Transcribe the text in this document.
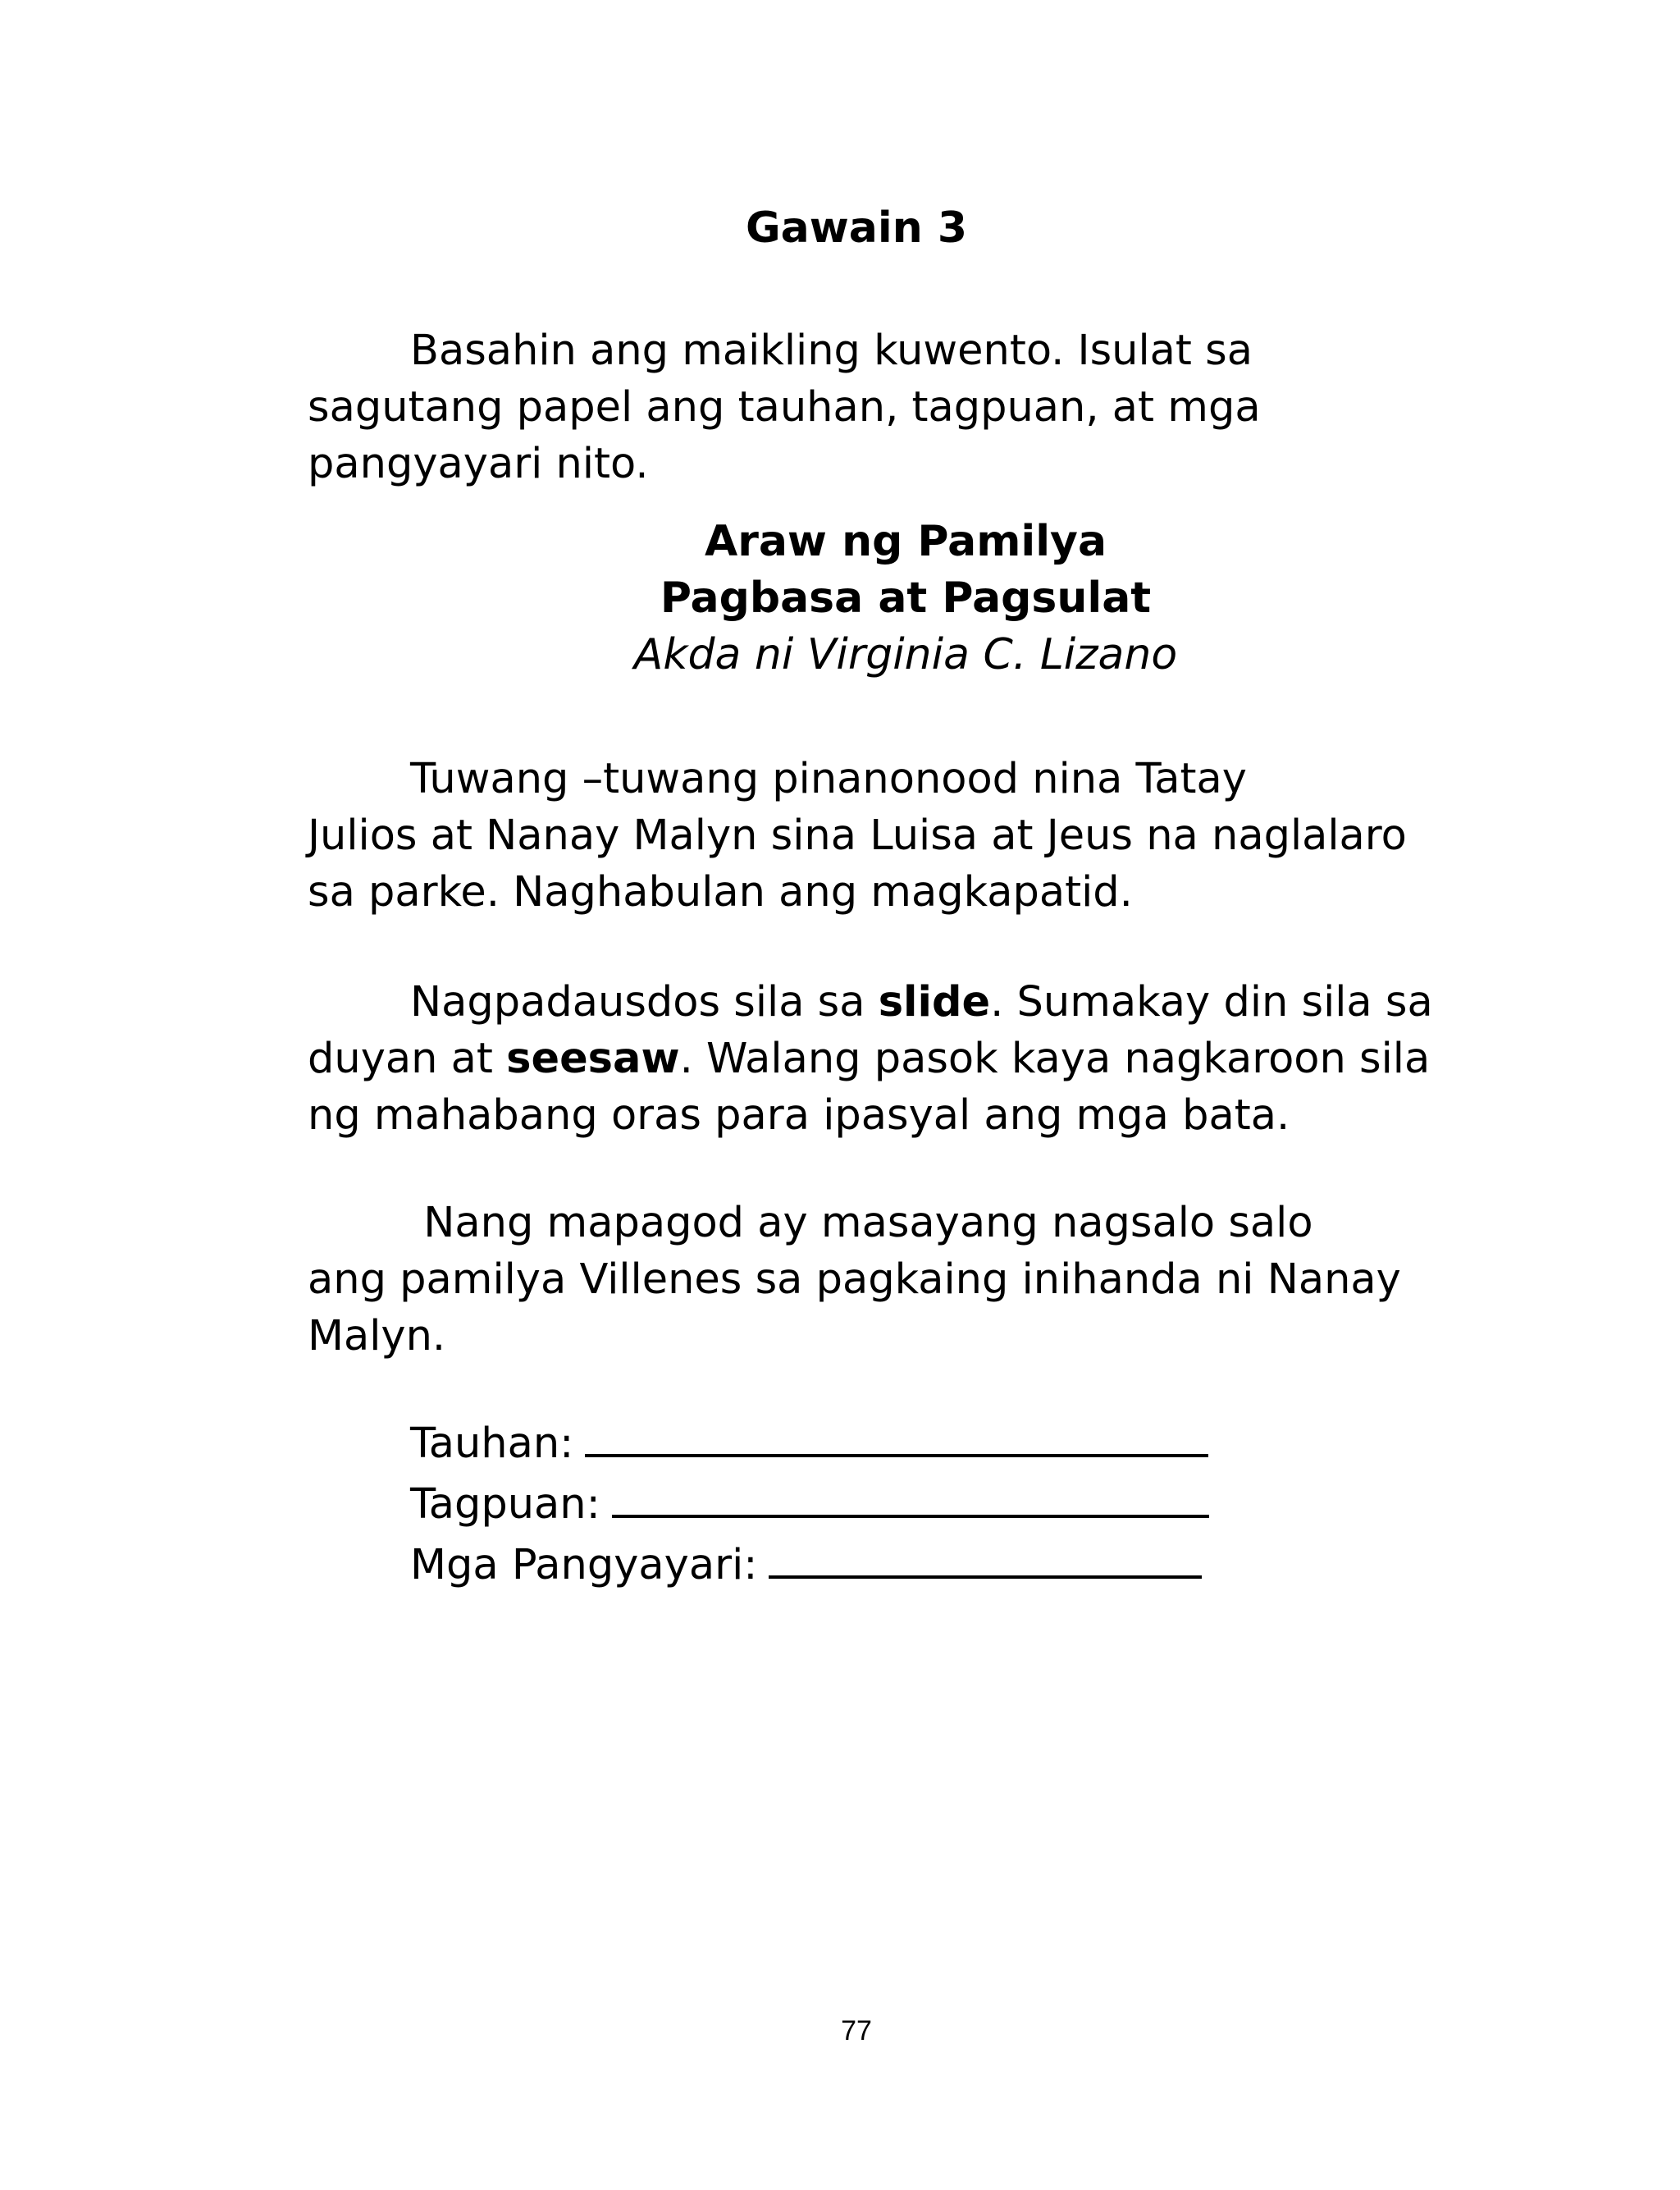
Gawain 3

Basahin ang maikling kuwento. Isulat sa
sagutang papel ang tauhan, tagpuan, at mga
pangyayari nito.

Araw ng Pamilya
Pagbasa at Pagsulat
Akda ni Virginia C. Lizano

Tuwang –tuwang pinanonood nina Tatay
Julios at Nanay Malyn sina Luisa at Jeus na naglalaro
sa parke. Naghabulan ang magkapatid.

Nagpadausdos sila sa slide. Sumakay din sila sa
duyan at seesaw. Walang pasok kaya nagkaroon sila
ng mahabang oras para ipasyal ang mga bata.

Nang mapagod ay masayang nagsalo salo
ang pamilya Villenes sa pagkaing inihanda ni Nanay
Malyn.

Tauhan:
Tagpuan:
Mga Pangyayari:
77
